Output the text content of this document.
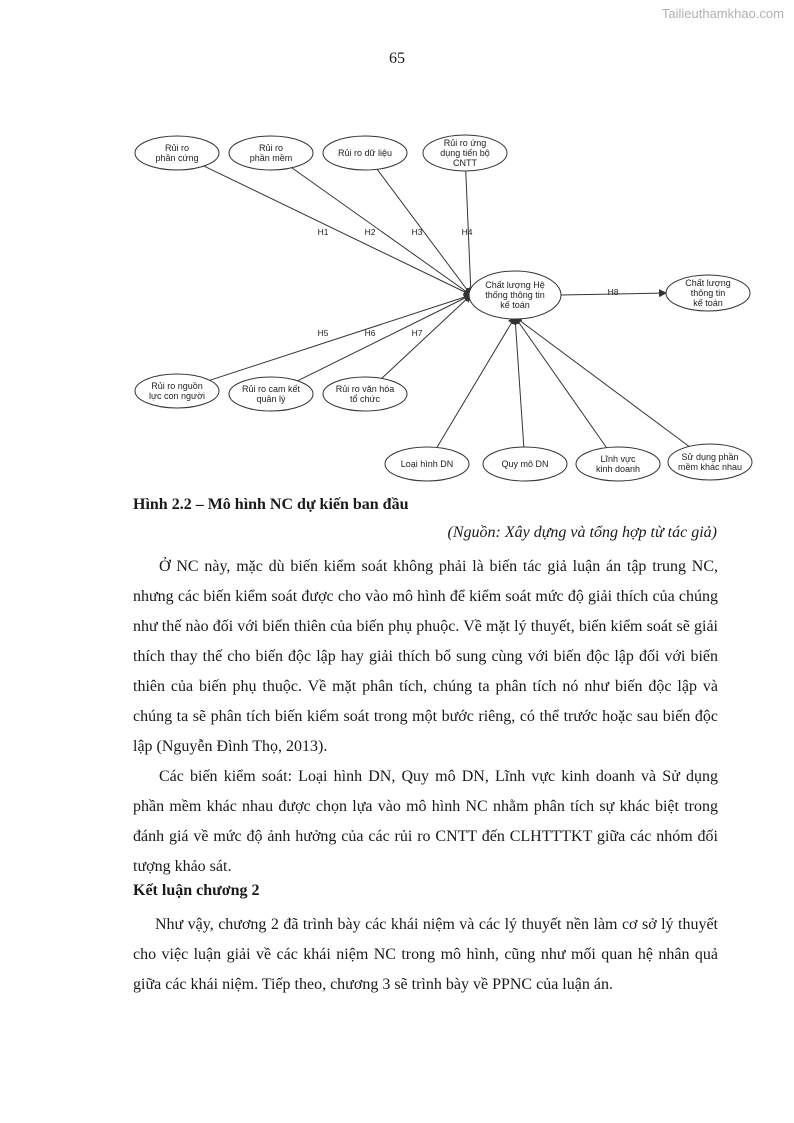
Tailieuthamkhao.com
65
H1	H2	H3	H4
H8
H5	H6	H7
Rủi ro
phần cứng
Rủi ro
phần mềm	Rủi ro dữ liệu
Rủi ro ứng
dụng tiến bộ
CNTT
Chất lượng Hệ
thống thông tin
kế toán
Chất lượng
thông tin
kế toán
Rủi ro nguồn
lực con người
Rủi ro cam kết
quản lý
Rủi ro văn hóa
tổ chức
Loại hình DN	Quy mô DN	Lĩnh vực
kinh doanh
Sử dụng phần
mềm khác nhau
Hình 2.2 – Mô hình NC dự kiến ban đầu
(Nguồn: Xây dựng và tổng hợp từ tác giả)

Ở NC này, mặc dù biến kiểm soát không phải là biến tác giả luận án tập trung NC, nhưng các biến kiểm soát được cho vào mô hình để kiểm soát mức độ giải thích của chúng như thế nào đối với biến thiên của biến phụ phuộc. Về mặt lý thuyết, biến kiểm soát sẽ giải thích thay thế cho biến độc lập hay giải thích bổ sung cùng với biến độc lập đối với biến thiên của biến phụ thuộc. Về mặt phân tích, chúng ta phân tích nó như biến độc lập và chúng ta sẽ phân tích biến kiểm soát trong một bước riêng, có thể trước hoặc sau biến độc lập (Nguyễn Đình Thọ, 2013).

Các biến kiểm soát: Loại hình DN, Quy mô DN, Lĩnh vực kinh doanh và Sử dụng phần mềm khác nhau được chọn lựa vào mô hình NC nhằm phân tích sự khác biệt trong đánh giá về mức độ ảnh hưởng của các rủi ro CNTT đến CLHTTTKT giữa các nhóm đối tượng khảo sát.

Kết luận chương 2

Như vậy, chương 2 đã trình bày các khái niệm và các lý thuyết nền làm cơ sở lý thuyết cho việc luận giải về các khái niệm NC trong mô hình, cũng như mối quan hệ nhân quả giữa các khái niệm. Tiếp theo, chương 3 sẽ trình bày về PPNC của luận án.
